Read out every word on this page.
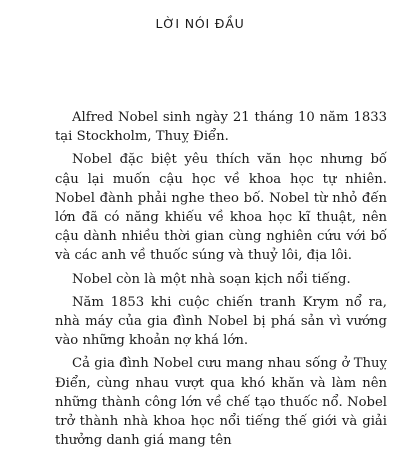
LỜI NÓI ĐẦU

Alfred Nobel sinh ngày 21 tháng 10 năm 1833 tại Stockholm, Thuỵ Điển.

Nobel đặc biệt yêu thích văn học nhưng bố cậu lại muốn cậu học về khoa học tự nhiên. Nobel đành phải nghe theo bố. Nobel từ nhỏ đến lớn đã có năng khiếu về khoa học kĩ thuật, nên cậu dành nhiều thời gian cùng nghiên cứu với bố và các anh về thuốc súng và thuỷ lôi, địa lôi.

Nobel còn là một nhà soạn kịch nổi tiếng.

Năm 1853 khi cuộc chiến tranh Krym nổ ra, nhà máy của gia đình Nobel bị phá sản vì vướng vào những khoản nợ khá lớn.

Cả gia đình Nobel cưu mang nhau sống ở Thuỵ Điển, cùng nhau vượt qua khó khăn và làm nên những thành công lớn về chế tạo thuốc nổ. Nobel trở thành nhà khoa học nổi tiếng thế giới và giải thưởng danh giá mang tên
